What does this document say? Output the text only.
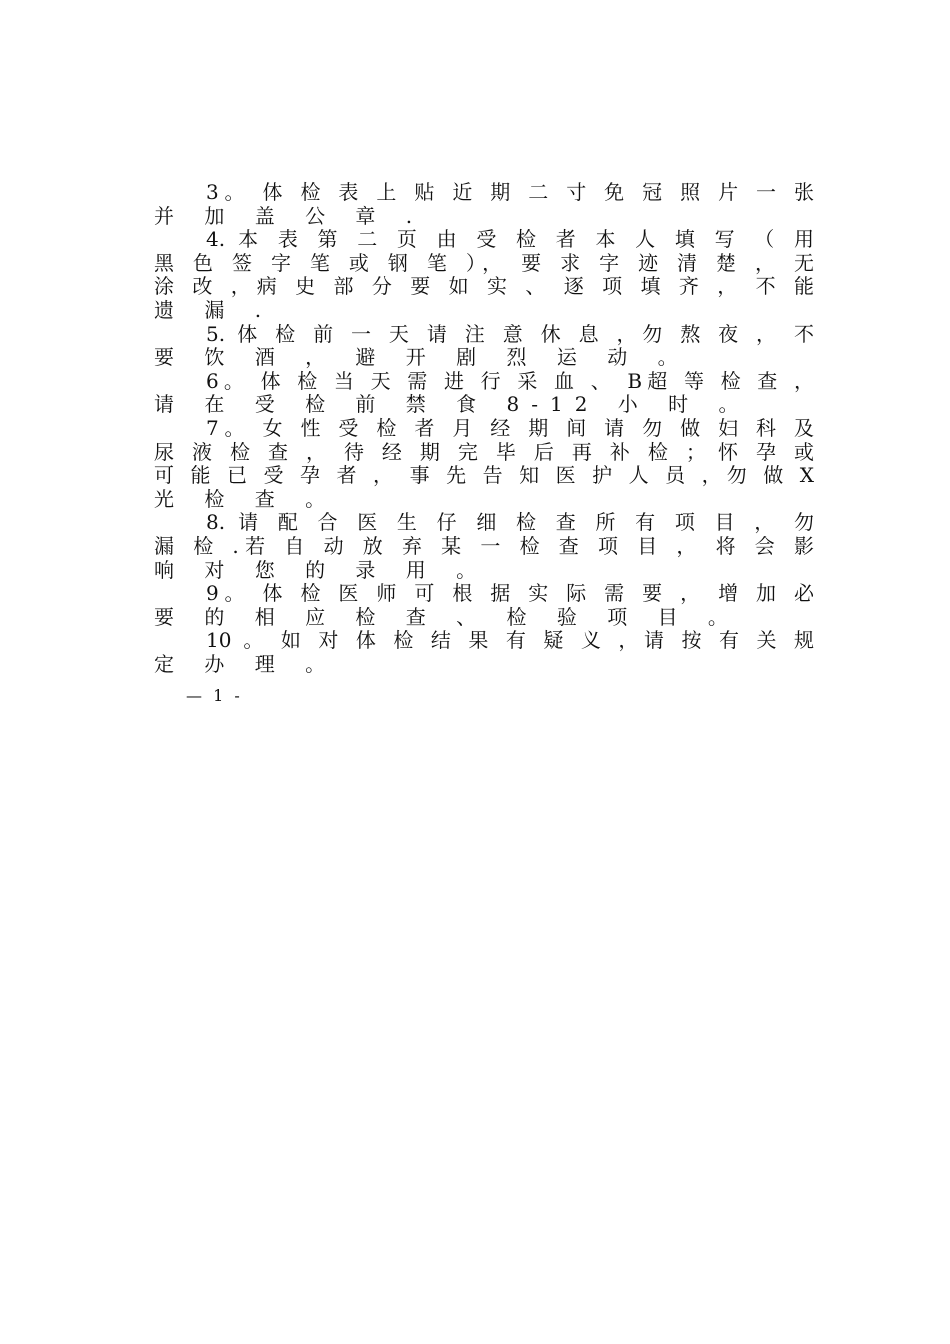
3。 体 检 表 上 贴 近 期 二 寸 免 冠 照 片 一 张
并 加 盖 公 章 .
4. 本 表 第 二 页 由 受 检 者 本 人 填 写 （ 用
黑 色 签 字 笔 或 钢 笔 ）， 要 求 字 迹 清 楚 ， 无
涂 改 ，病 史 部 分 要 如 实 、 逐 项 填 齐 ， 不 能
遗 漏 .
5. 体 检 前 一 天 请 注 意 休 息 ，勿 熬 夜 ， 不
要 饮 酒 ， 避 开 剧 烈 运 动 。
6。 体 检 当 天 需 进 行 采 血 、 B超 等 检 查 ，
请 在 受 检 前 禁 食 8-12 小 时 。
7。 女 性 受 检 者 月 经 期 间 请 勿 做 妇 科 及
尿 液 检 查 ， 待 经 期 完 毕 后 再 补 检 ； 怀 孕 或
可 能 已 受 孕 者 ， 事 先 告 知 医 护 人 员 ，勿 做 X
光 检 查 。
8. 请 配 合 医 生 仔 细 检 查 所 有 项 目 ， 勿
漏 检 .若 自 动 放 弃 某 一 检 查 项 目 ， 将 会 影
响 对 您 的 录 用 。
9。 体 检 医 师 可 根 据 实 际 需 要 ， 增 加 必
要 的 相 应 检 查 、 检 验 项 目 。
10 。 如 对 体 检 结 果 有 疑 义 ，请 按 有 关 规
定 办 理 。
— 1 -
